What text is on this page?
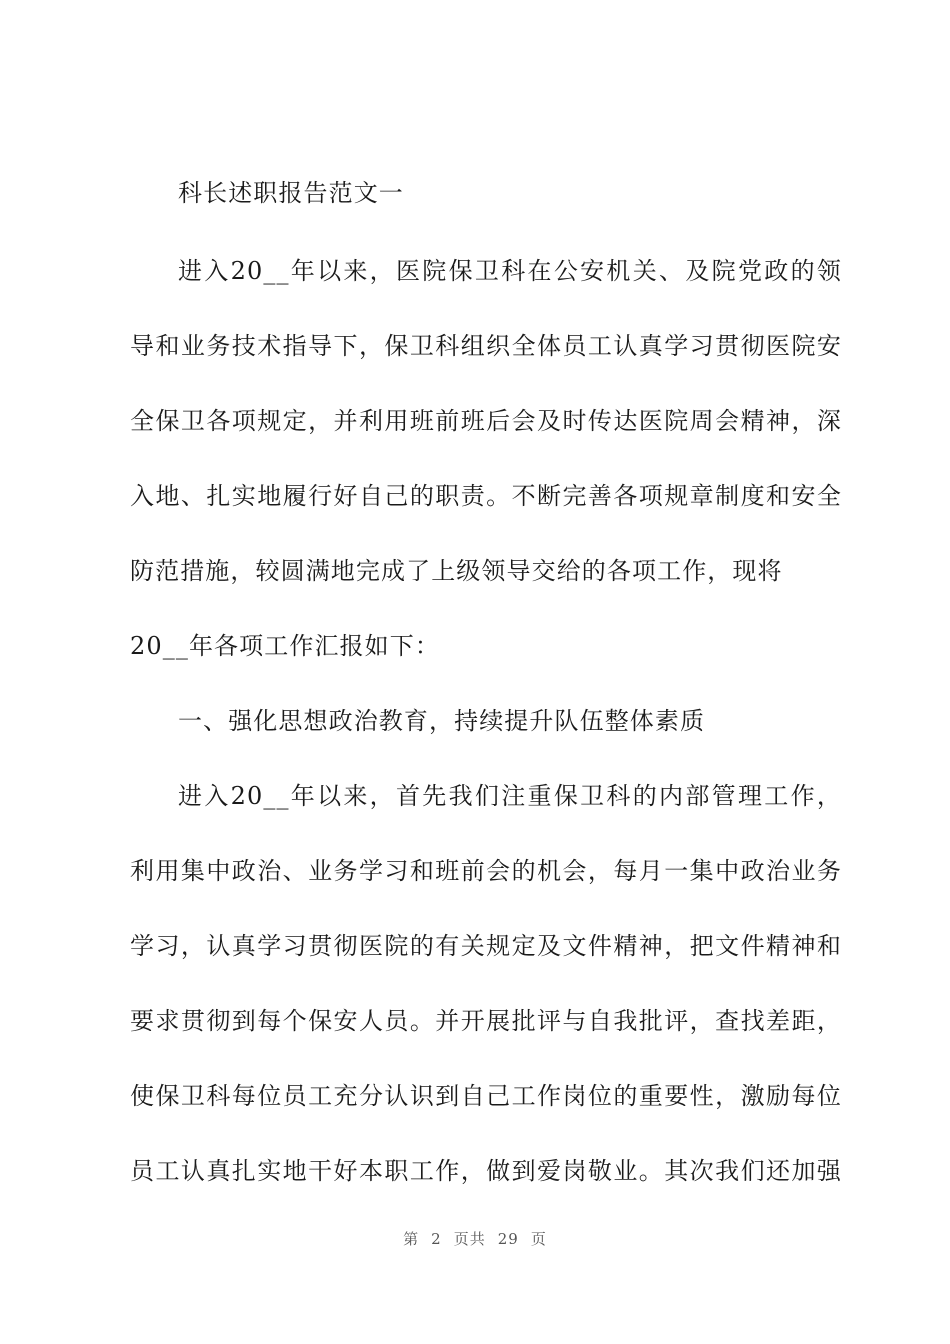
科长述职报告范文一
进入20__年以来，医院保卫科在公安机关、及院党政的领
导和业务技术指导下，保卫科组织全体员工认真学习贯彻医院安
全保卫各项规定，并利用班前班后会及时传达医院周会精神，深
入地、扎实地履行好自己的职责。不断完善各项规章制度和安全
防范措施，较圆满地完成了上级领导交给的各项工作，现将
20__年各项工作汇报如下：
一、强化思想政治教育，持续提升队伍整体素质
进入20__年以来，首先我们注重保卫科的内部管理工作，
利用集中政治、业务学习和班前会的机会，每月一集中政治业务
学习，认真学习贯彻医院的有关规定及文件精神，把文件精神和
要求贯彻到每个保安人员。并开展批评与自我批评，查找差距，
使保卫科每位员工充分认识到自己工作岗位的重要性，激励每位
员工认真扎实地干好本职工作，做到爱岗敬业。其次我们还加强
第 2 页共 29 页
